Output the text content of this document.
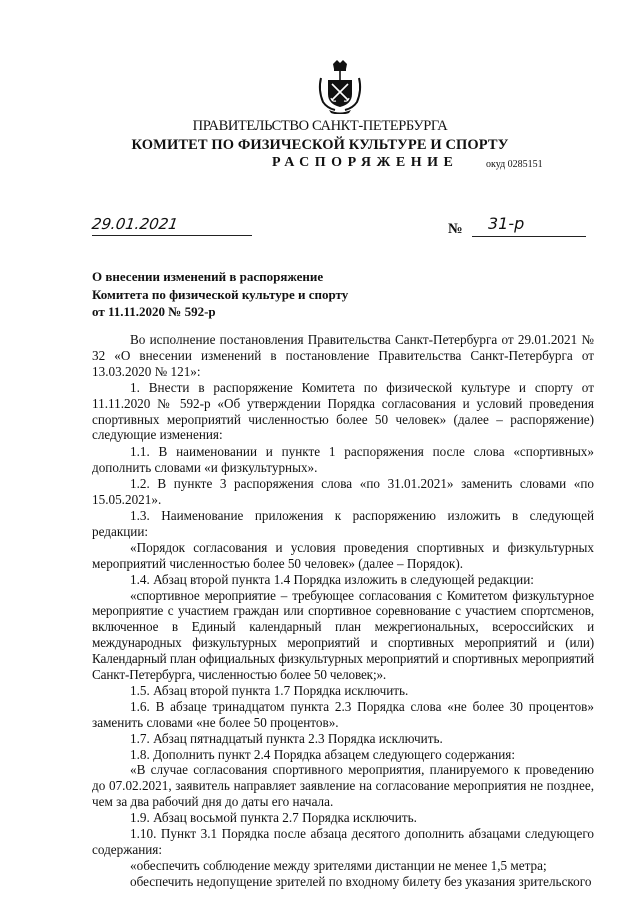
ПРАВИТЕЛЬСТВО САНКТ-ПЕТЕРБУРГА
КОМИТЕТ ПО ФИЗИЧЕСКОЙ КУЛЬТУРЕ И СПОРТУ
РАСПОРЯЖЕНИЕ	окуд 0285151
29.01.2021	№ 31-р
О внесении изменений в распоряжение
Комитета по физической культуре и спорту
от 11.11.2020 № 592-р

Во исполнение постановления Правительства Санкт-Петербурга от 29.01.2021 № 32 «О внесении изменений в постановление Правительства Санкт-Петербурга от 13.03.2020 № 121»:

1. Внести в распоряжение Комитета по физической культуре и спорту от 11.11.2020 № 592-р «Об утверждении Порядка согласования и условий проведения спортивных мероприятий численностью более 50 человек» (далее – распоряжение) следующие изменения:

1.1. В наименовании и пункте 1 распоряжения после слова «спортивных» дополнить словами «и физкультурных».

1.2. В пункте 3 распоряжения слова «по 31.01.2021» заменить словами «по 15.05.2021».

1.3. Наименование приложения к распоряжению изложить в следующей редакции:

«Порядок согласования и условия проведения спортивных и физкультурных мероприятий численностью более 50 человек» (далее – Порядок).

1.4. Абзац второй пункта 1.4 Порядка изложить в следующей редакции:

«спортивное мероприятие – требующее согласования с Комитетом физкультурное мероприятие с участием граждан или спортивное соревнование с участием спортсменов, включенное в Единый календарный план межрегиональных, всероссийских и международных физкультурных мероприятий и спортивных мероприятий и (или) Календарный план официальных физкультурных мероприятий и спортивных мероприятий Санкт-Петербурга, численностью более 50 человек;».

1.5. Абзац второй пункта 1.7 Порядка исключить.

1.6. В абзаце тринадцатом пункта 2.3 Порядка слова «не более 30 процентов» заменить словами «не более 50 процентов».

1.7. Абзац пятнадцатый пункта 2.3 Порядка исключить.

1.8. Дополнить пункт 2.4 Порядка абзацем следующего содержания:

«В случае согласования спортивного мероприятия, планируемого к проведению до 07.02.2021, заявитель направляет заявление на согласование мероприятия не позднее, чем за два рабочий дня до даты его начала.

1.9. Абзац восьмой пункта 2.7 Порядка исключить.

1.10. Пункт 3.1 Порядка после абзаца десятого дополнить абзацами следующего содержания:

«обеспечить соблюдение между зрителями дистанции не менее 1,5 метра;

обеспечить недопущение зрителей по входному билету без указания зрительского
